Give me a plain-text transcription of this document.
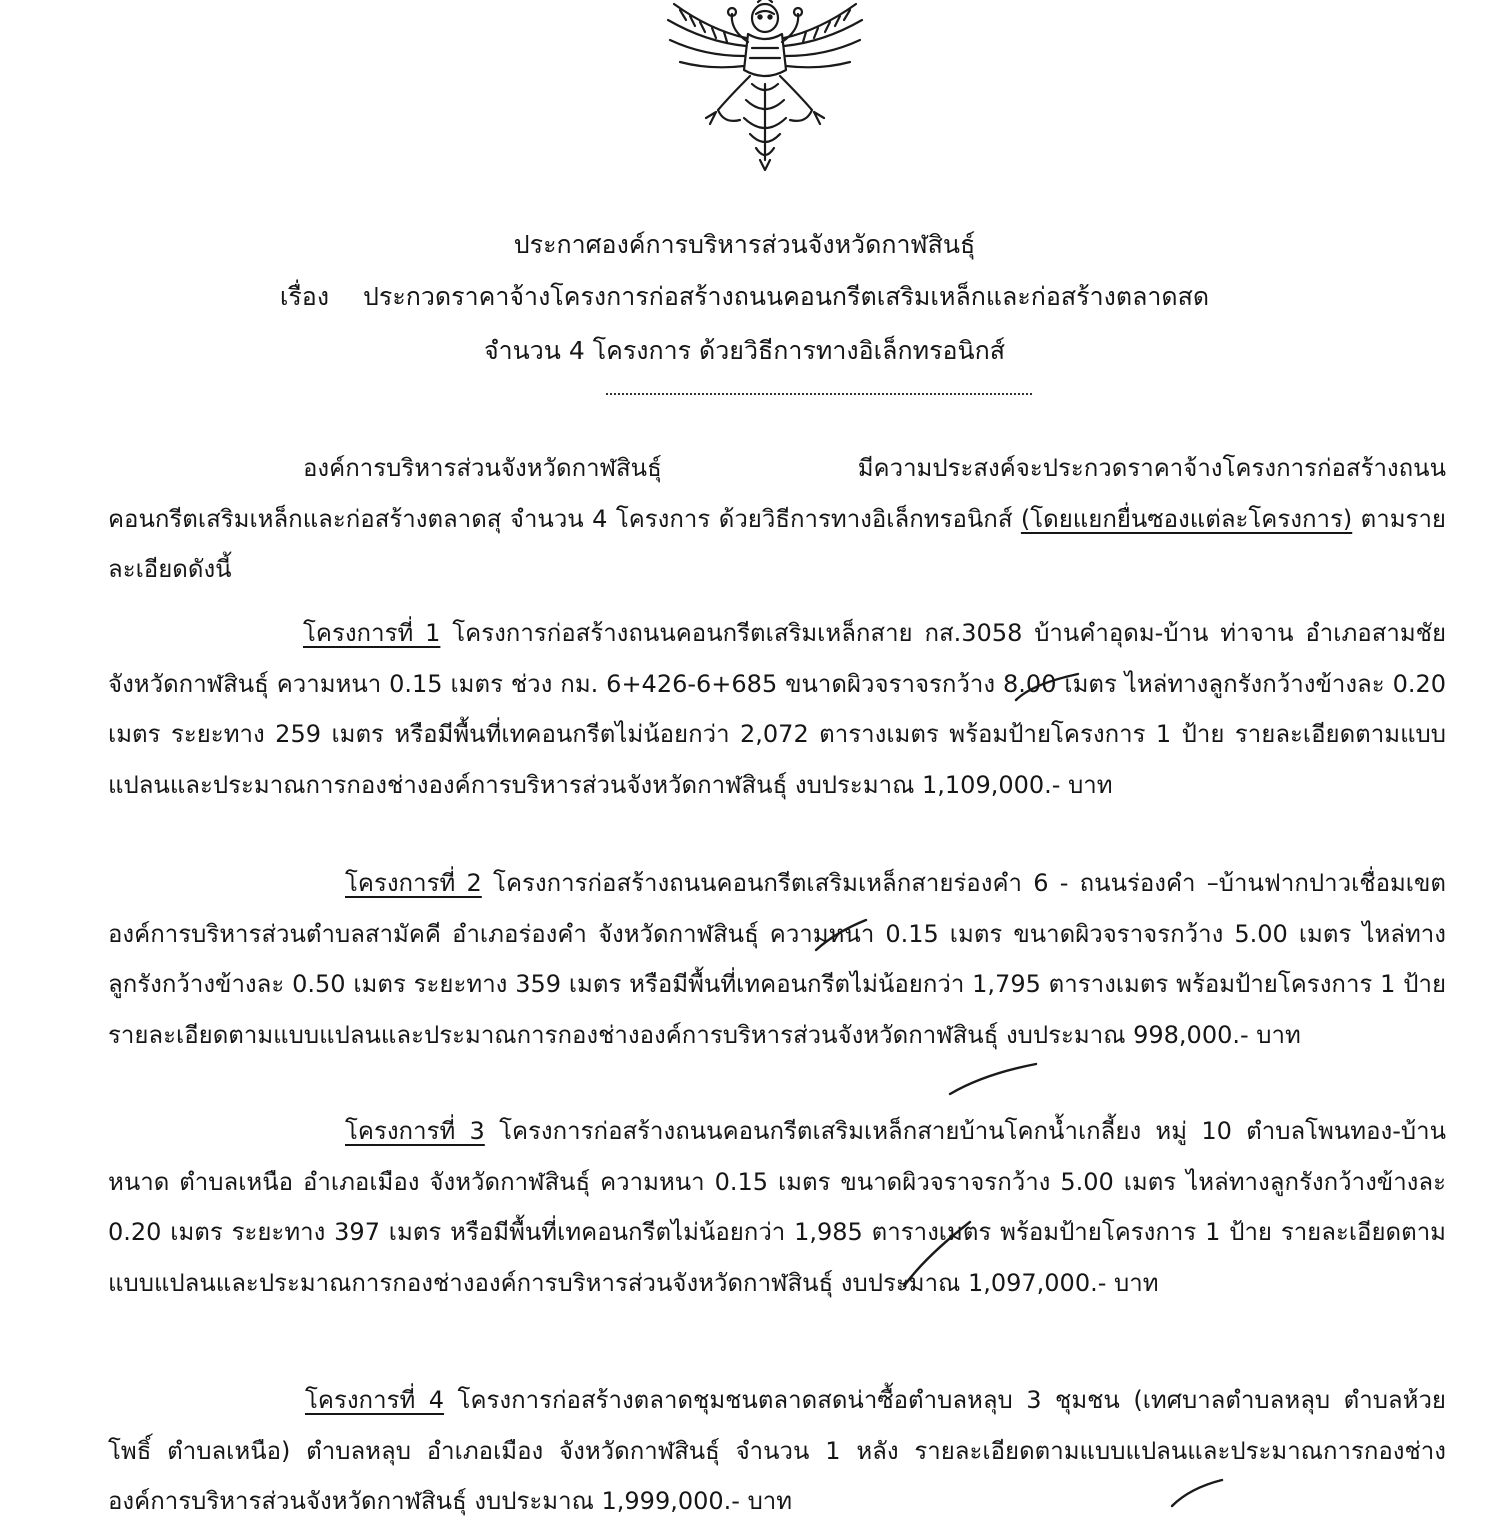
ประกาศองค์การบริหารส่วนจังหวัดกาฬสินธุ์
เรื่อง ประกวดราคาจ้างโครงการก่อสร้างถนนคอนกรีตเสริมเหล็กและก่อสร้างตลาดสด
จำนวน 4 โครงการ ด้วยวิธีการทางอิเล็กทรอนิกส์
องค์การบริหารส่วนจังหวัดกาฬสินธุ์ มีความประสงค์จะประกวดราคาจ้างโครงการก่อสร้างถนนคอนกรีตเสริมเหล็กและก่อสร้างตลาดสุ จำนวน 4 โครงการ ด้วยวิธีการทางอิเล็กทรอนิกส์ (โดยแยกยื่นซองแต่ละโครงการ) ตามรายละเอียดดังนี้
โครงการที่ 1 โครงการก่อสร้างถนนคอนกรีตเสริมเหล็กสาย กส.3058 บ้านคำอุดม-บ้าน ท่าจาน อำเภอสามชัย จังหวัดกาฬสินธุ์ ความหนา 0.15 เมตร ช่วง กม. 6+426-6+685 ขนาดผิวจราจรกว้าง 8.00 เมตร ไหล่ทางลูกรังกว้างข้างละ 0.20 เมตร ระยะทาง 259 เมตร หรือมีพื้นที่เทคอนกรีตไม่น้อยกว่า 2,072 ตารางเมตร พร้อมป้ายโครงการ 1 ป้าย รายละเอียดตามแบบแปลนและประมาณการกองช่างองค์การบริหารส่วนจังหวัดกาฬสินธุ์ งบประมาณ 1,109,000.- บาท
โครงการที่ 2 โครงการก่อสร้างถนนคอนกรีตเสริมเหล็กสายร่องคำ 6 - ถนนร่องคำ –บ้านฟากปาวเชื่อมเขตองค์การบริหารส่วนตำบลสามัคคี อำเภอร่องคำ จังหวัดกาฬสินธุ์ ความหนา 0.15 เมตร ขนาดผิวจราจรกว้าง 5.00 เมตร ไหล่ทางลูกรังกว้างข้างละ 0.50 เมตร ระยะทาง 359 เมตร หรือมีพื้นที่เทคอนกรีตไม่น้อยกว่า 1,795 ตารางเมตร พร้อมป้ายโครงการ 1 ป้าย รายละเอียดตามแบบแปลนและประมาณการกองช่างองค์การบริหารส่วนจังหวัดกาฬสินธุ์ งบประมาณ 998,000.- บาท
โครงการที่ 3 โครงการก่อสร้างถนนคอนกรีตเสริมเหล็กสายบ้านโคกน้ำเกลี้ยง หมู่ 10 ตำบลโพนทอง-บ้านหนาด ตำบลเหนือ อำเภอเมือง จังหวัดกาฬสินธุ์ ความหนา 0.15 เมตร ขนาดผิวจราจรกว้าง 5.00 เมตร ไหล่ทางลูกรังกว้างข้างละ 0.20 เมตร ระยะทาง 397 เมตร หรือมีพื้นที่เทคอนกรีตไม่น้อยกว่า 1,985 ตารางเมตร พร้อมป้ายโครงการ 1 ป้าย รายละเอียดตามแบบแปลนและประมาณการกองช่างองค์การบริหารส่วนจังหวัดกาฬสินธุ์ งบประมาณ 1,097,000.- บาท
โครงการที่ 4 โครงการก่อสร้างตลาดชุมชนตลาดสดน่าซื้อตำบลหลุบ 3 ชุมชน (เทศบาลตำบลหลุบ ตำบลห้วยโพธิ์ ตำบลเหนือ) ตำบลหลุบ อำเภอเมือง จังหวัดกาฬสินธุ์ จำนวน 1 หลัง รายละเอียดตามแบบแปลนและประมาณการกองช่างองค์การบริหารส่วนจังหวัดกาฬสินธุ์ งบประมาณ 1,999,000.- บาท
